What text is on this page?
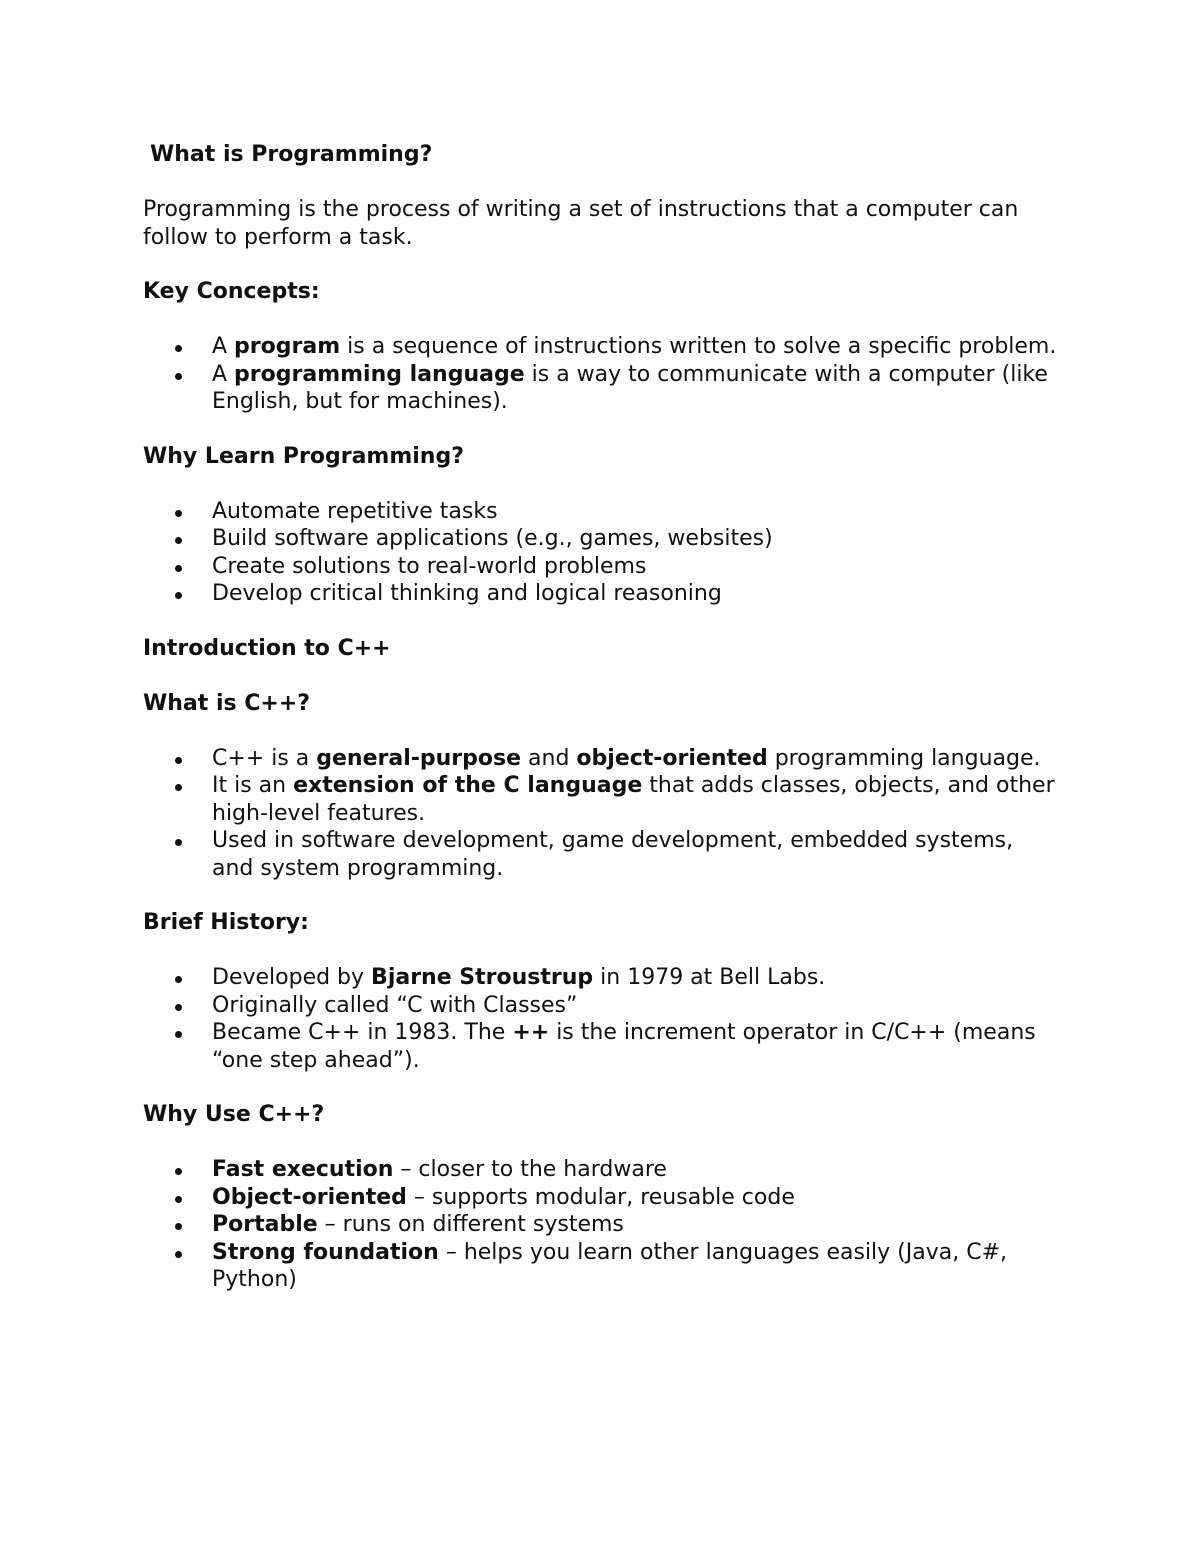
What is Programming?

Programming is the process of writing a set of instructions that a computer can follow to perform a task.

Key Concepts:
A program is a sequence of instructions written to solve a specific problem.
A programming language is a way to communicate with a computer (like English, but for machines).
Why Learn Programming?
Automate repetitive tasks
Build software applications (e.g., games, websites)
Create solutions to real-world problems
Develop critical thinking and logical reasoning
Introduction to C++
What is C++?
C++ is a general-purpose and object-oriented programming language.
It is an extension of the C language that adds classes, objects, and other high-level features.
Used in software development, game development, embedded systems, and system programming.
Brief History:
Developed by Bjarne Stroustrup in 1979 at Bell Labs.
Originally called “C with Classes”
Became C++ in 1983. The ++ is the increment operator in C/C++ (means “one step ahead”).
Why Use C++?
Fast execution – closer to the hardware
Object-oriented – supports modular, reusable code
Portable – runs on different systems
Strong foundation – helps you learn other languages easily (Java, C#, Python)
